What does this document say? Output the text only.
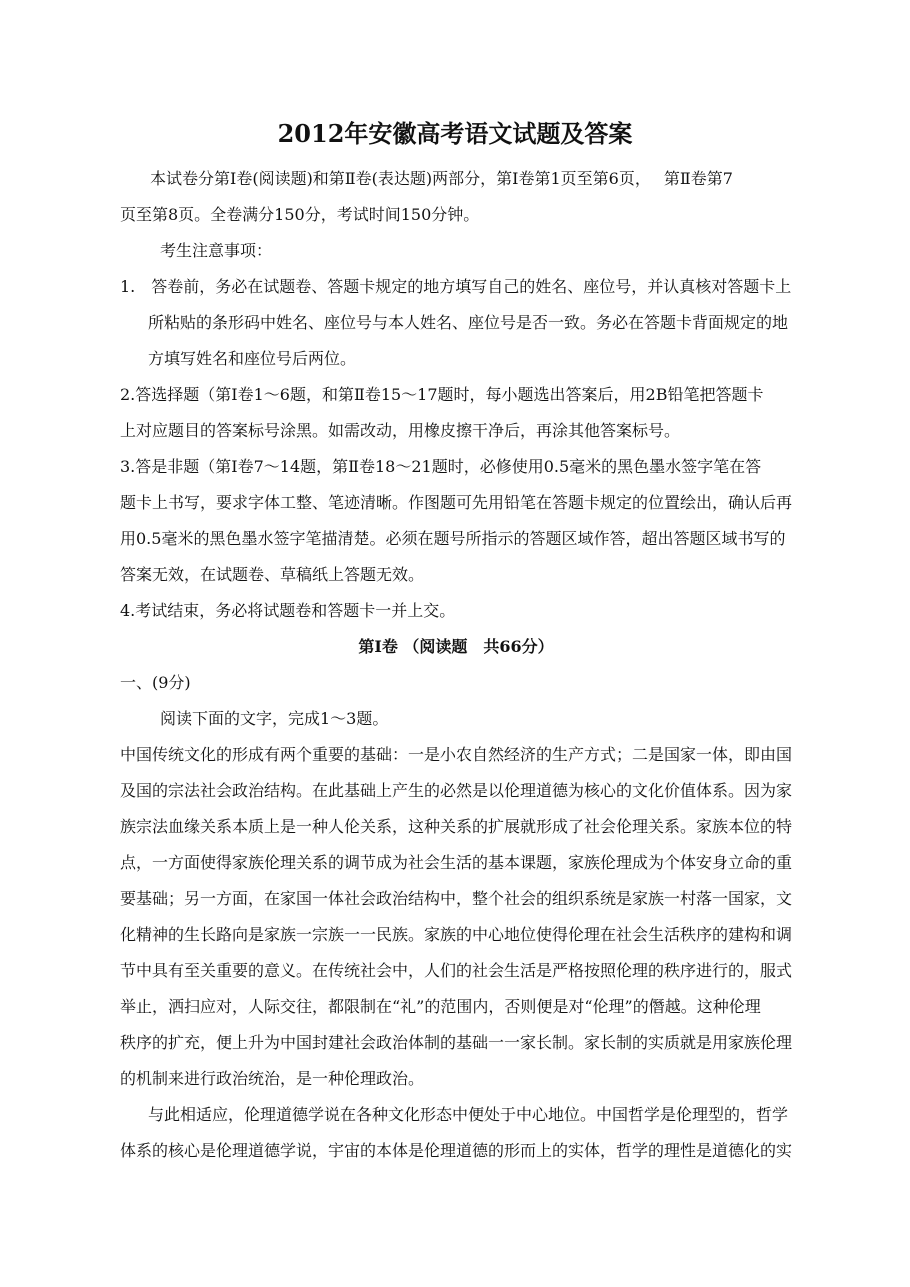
2012年安徽高考语文试题及答案
本试卷分第Ⅰ卷(阅读题)和第Ⅱ卷(表达题)两部分，第Ⅰ卷第1页至第6页，　 第Ⅱ卷第7
页至第8页。全卷满分150分，考试时间150分钟。
考生注意事项：
1.　答卷前，务必在试题卷、答题卡规定的地方填写自己的姓名、座位号，并认真核对答题卡上
所粘贴的条形码中姓名、座位号与本人姓名、座位号是否一致。务必在答题卡背面规定的地
方填写姓名和座位号后两位。
2.答选择题（第Ⅰ卷1～6题，和第Ⅱ卷15～17题时，每小题选出答案后，用2B铅笔把答题卡
上对应题目的答案标号涂黑。如需改动，用橡皮擦干净后，再涂其他答案标号。
3.答是非题（第Ⅰ卷7～14题，第Ⅱ卷18～21题时，必修使用0.5毫米的黑色墨水签字笔在答
题卡上书写，要求字体工整、笔迹清晰。作图题可先用铅笔在答题卡规定的位置绘出，确认后再
用0.5毫米的黑色墨水签字笔描清楚。必须在题号所指示的答题区域作答，超出答题区域书写的
答案无效，在试题卷、草稿纸上答题无效。
4.考试结束，务必将试题卷和答题卡一并上交。
第Ⅰ卷 （阅读题　共66分）
一、(9分)
阅读下面的文字，完成1～3题。
中国传统文化的形成有两个重要的基础：一是小农自然经济的生产方式；二是国家一体，即由国
及国的宗法社会政治结构。在此基础上产生的必然是以伦理道德为核心的文化价值体系。因为家
族宗法血缘关系本质上是一种人伦关系，这种关系的扩展就形成了社会伦理关系。家族本位的特
点，一方面使得家族伦理关系的调节成为社会生活的基本课题，家族伦理成为个体安身立命的重
要基础；另一方面，在家国一体社会政治结构中，整个社会的组织系统是家族一村落一国家，文
化精神的生长路向是家族一宗族一一民族。家族的中心地位使得伦理在社会生活秩序的建构和调
节中具有至关重要的意义。在传统社会中，人们的社会生活是严格按照伦理的秩序进行的，服式
举止，洒扫应对，人际交往，都限制在“礼”的范围内，否则便是对“伦理”的僭越。这种伦理
秩序的扩充，便上升为中国封建社会政治体制的基础一一家长制。家长制的实质就是用家族伦理
的机制来进行政治统治，是一种伦理政治。
与此相适应，伦理道德学说在各种文化形态中便处于中心地位。中国哲学是伦理型的，哲学
体系的核心是伦理道德学说，宇宙的本体是伦理道德的形而上的实体，哲学的理性是道德化的实
